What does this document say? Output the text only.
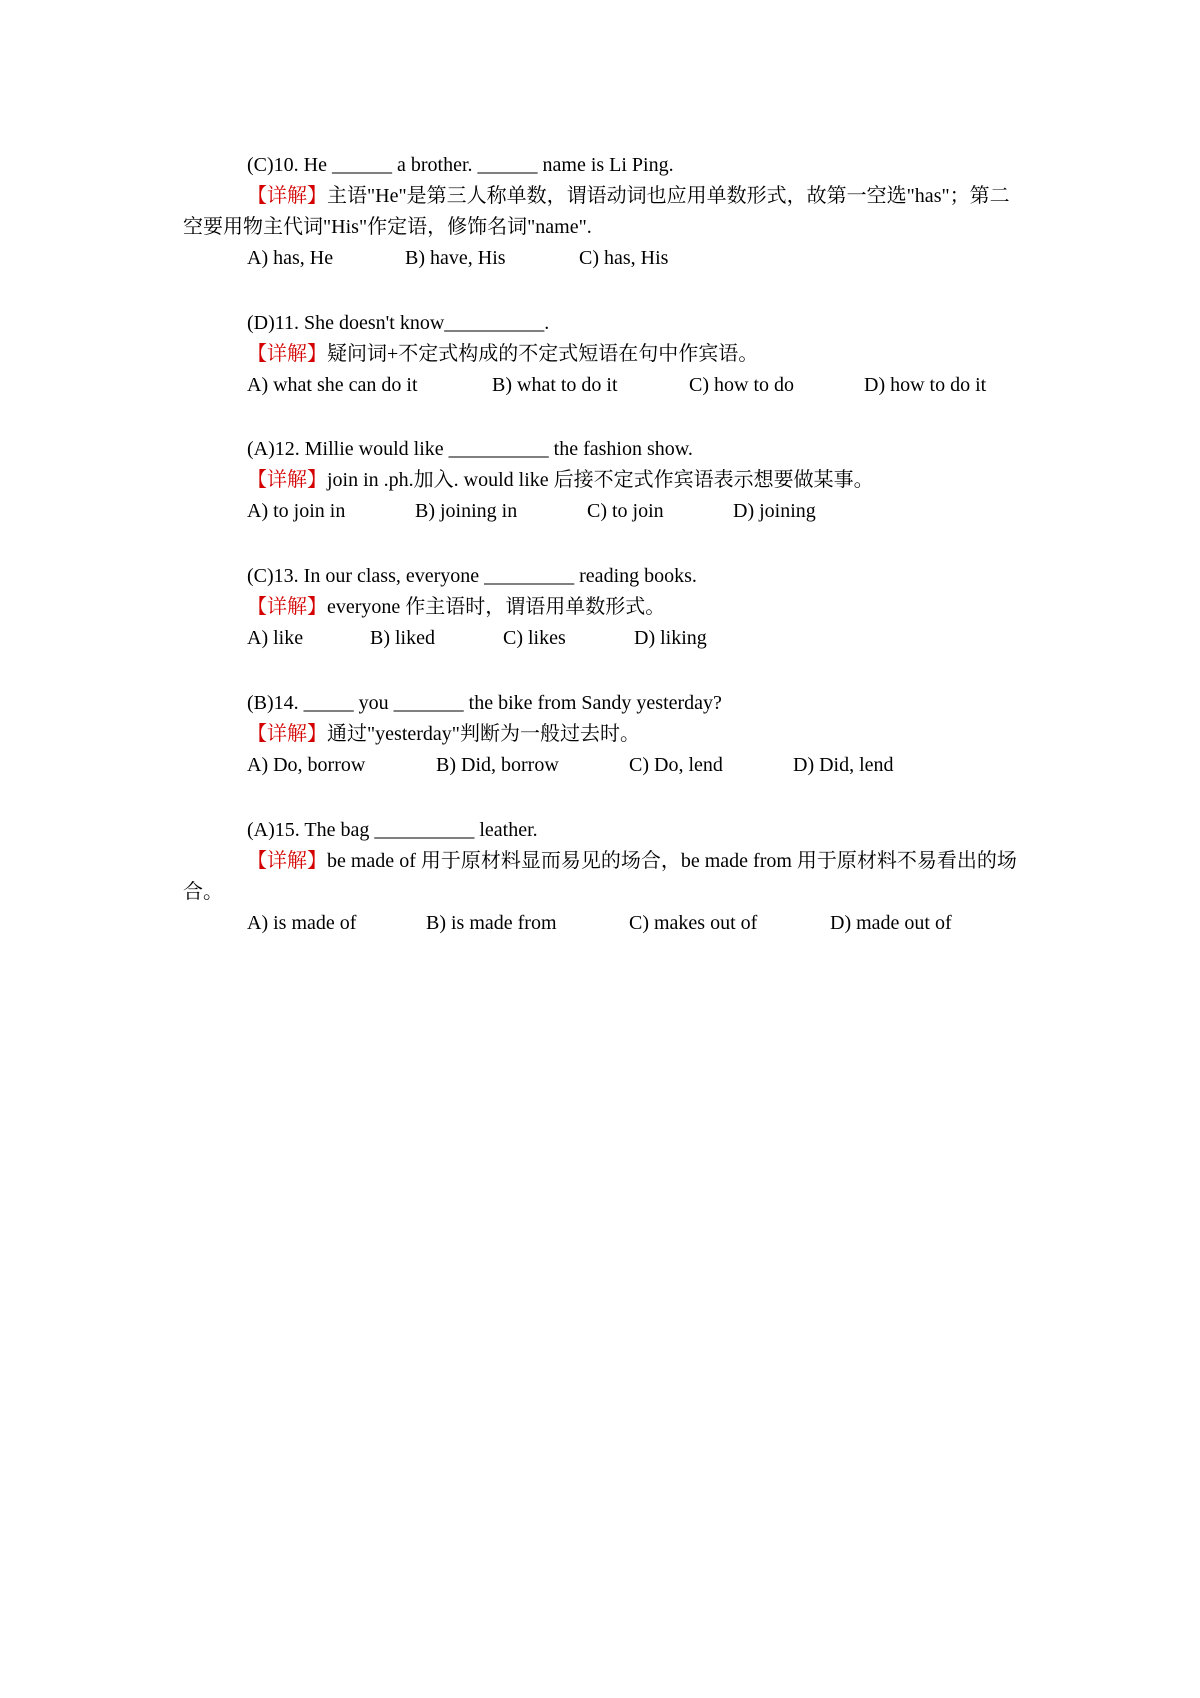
(C)10. He ______ a brother. ______ name is Li Ping.
【详解】主语"He"是第三人称单数，谓语动词也应用单数形式，故第一空选"has"；第二空要用物主代词"His"作定语，修饰名词"name".
A) has, He	B) have, His	C) has, His
(D)11. She doesn't know__________.
【详解】疑问词+不定式构成的不定式短语在句中作宾语。
A) what she can do it	B) what to do it	C) how to do	D) how to do it
(A)12. Millie would like __________ the fashion show.
【详解】join in .ph.加入. would like 后接不定式作宾语表示想要做某事。
A) to join in	B) joining in	C) to join	D) joining
(C)13. In our class, everyone _________ reading books.
【详解】everyone 作主语时，谓语用单数形式。
A) like	B) liked	C) likes	D) liking
(B)14. _____ you _______ the bike from Sandy yesterday?
【详解】通过"yesterday"判断为一般过去时。
A) Do, borrow	B) Did, borrow	C) Do, lend	D) Did, lend
(A)15. The bag __________ leather.
【详解】be made of 用于原材料显而易见的场合，be made from 用于原材料不易看出的场合。
A) is made of	B) is made from	C) makes out of	D) made out of
